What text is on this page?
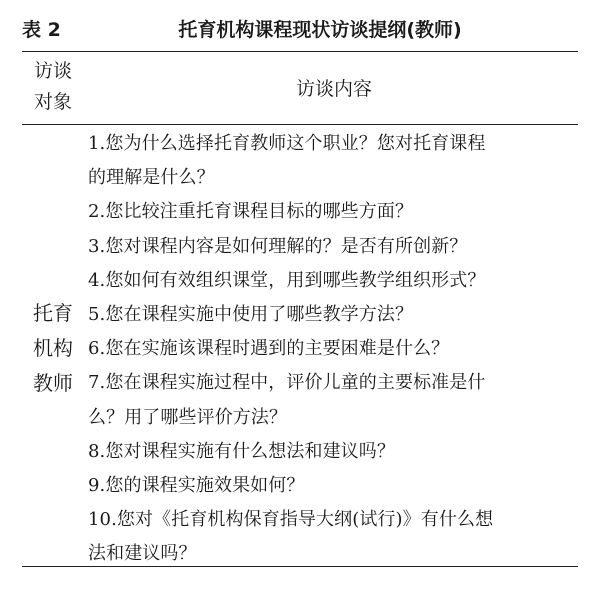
表 2	托育机构课程现状访谈提纲(教师)
访谈
对象
访谈内容
托育
机构
教师
1.您为什么选择托育教师这个职业？您对托育课程
的理解是什么？
2.您比较注重托育课程目标的哪些方面？
3.您对课程内容是如何理解的？是否有所创新？
4.您如何有效组织课堂，用到哪些教学组织形式？
5.您在课程实施中使用了哪些教学方法？
6.您在实施该课程时遇到的主要困难是什么？
7.您在课程实施过程中，评价儿童的主要标准是什
么？用了哪些评价方法？
8.您对课程实施有什么想法和建议吗？
9.您的课程实施效果如何？
10.您对《托育机构保育指导大纲(试行)》有什么想
法和建议吗？
